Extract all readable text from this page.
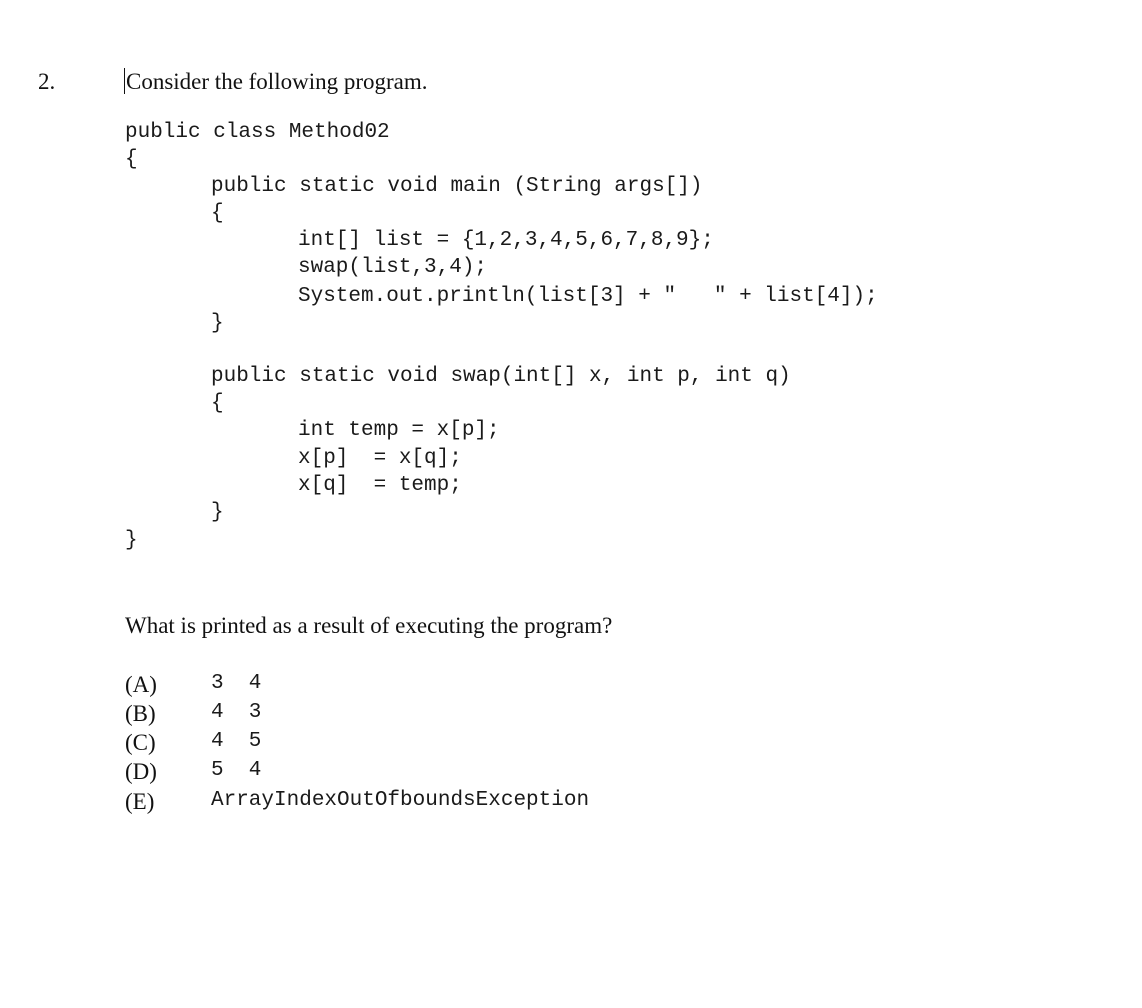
2.	Consider the following program.
public class Method02
{
public static void main (String args[])
{
int[] list = {1,2,3,4,5,6,7,8,9};
swap(list,3,4);
System.out.println(list[3] + "   " + list[4]);
}
public static void swap(int[] x, int p, int q)
{
int temp = x[p];
x[p]  = x[q];
x[q]  = temp;
}
}
What is printed as a result of executing the program?
(A)	3  4
(B)	4  3
(C)	4  5
(D)	5  4
(E)	ArrayIndexOutOfboundsException
